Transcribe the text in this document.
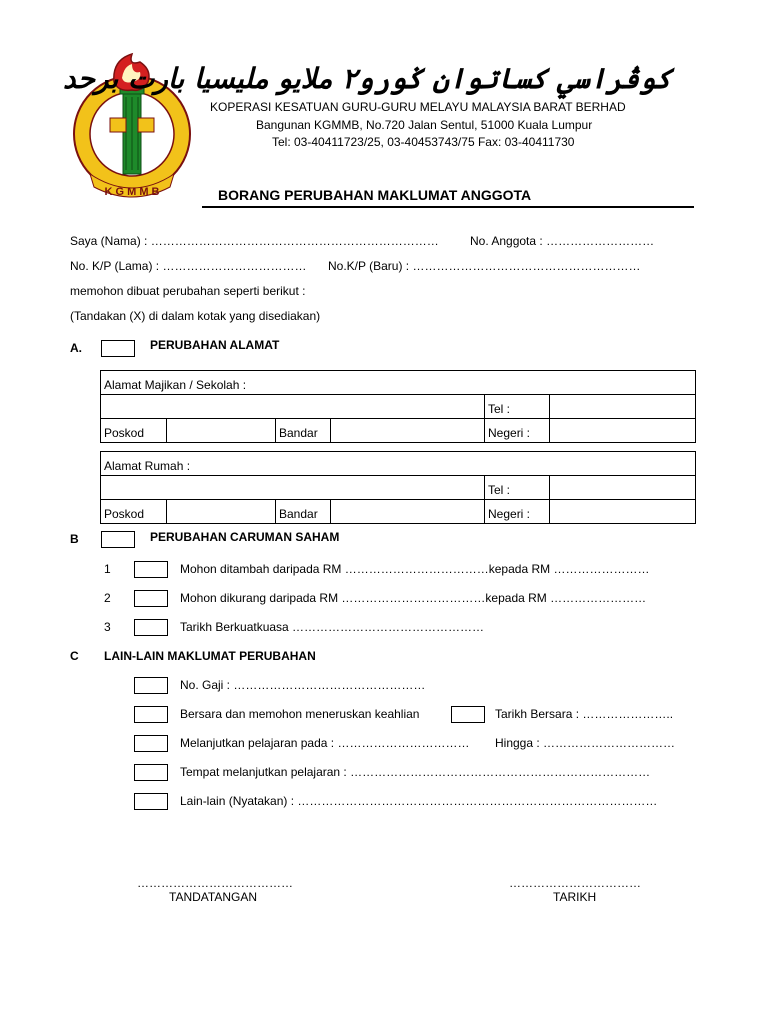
K G M M B
كوڤراسي كساتوان ݢورو٢ ملايو مليسيا بارت برحد
KOPERASI KESATUAN GURU-GURU MELAYU MALAYSIA BARAT BERHAD
Bangunan KGMMB, No.720 Jalan Sentul, 51000 Kuala Lumpur
Tel: 03-40411723/25, 03-40453743/75 Fax: 03-40411730
BORANG PERUBAHAN MAKLUMAT ANGGOTA
Saya (Nama) : ………………………………………………………………	No. Anggota : ………………………
No. K/P (Lama) : ……………………………… No.K/P (Baru) : …………………………………………………
memohon dibuat perubahan seperti berikut :
(Tandakan (X) di dalam kotak yang disediakan)
A.	PERUBAHAN ALAMAT
Alamat Majikan / Sekolah :					
				Tel :	
Poskod		Bandar		Negeri :	
Alamat Rumah :					
				Tel :	
Poskod		Bandar		Negeri :	
B	PERUBAHAN CARUMAN SAHAM
1	Mohon ditambah daripada RM ………………………………kepada RM ……………………
2	Mohon dikurang daripada RM ………………………………kepada RM ……………………
3	Tarikh Berkuatkuasa …………………………………………
C LAIN-LAIN MAKLUMAT PERUBAHAN
No. Gaji : …………………………………………
Bersara dan memohon meneruskan keahlian	Tarikh Bersara : …………………..
Melanjutkan pelajaran pada : …………………………… Hingga : ……………………………
Tempat melanjutkan pelajaran : …………………………………………………………………
Lain-lain (Nyatakan) : ………………………………………………………………………………
…………………………………
TANDATANGAN
……………………………
TARIKH
